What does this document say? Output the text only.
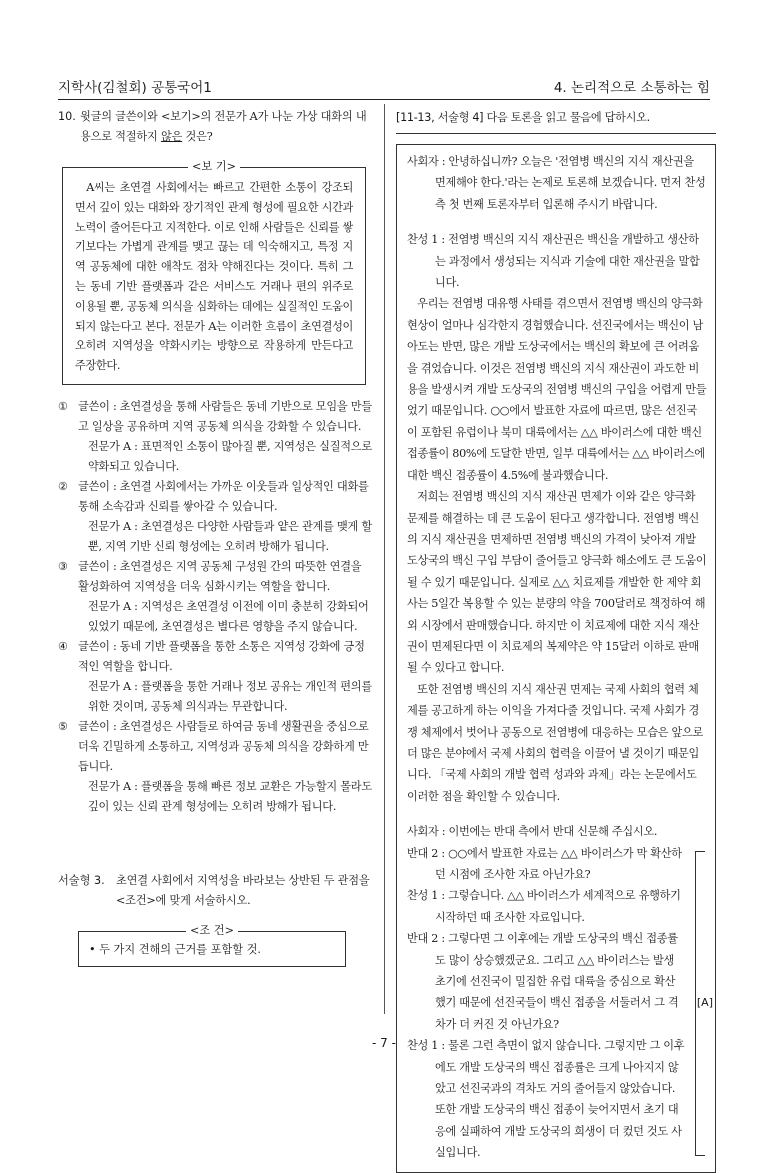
지학사(김철회) 공통국어1	4. 논리적으로 소통하는 힘
10. 윗글의 글쓴이와 <보기>의 전문가 A가 나눈 가상 대화의 내용으로 적절하지 않은 것은?
<보 기>
A씨는 초연결 사회에서는 빠르고 간편한 소통이 강조되면서 깊이 있는 대화와 장기적인 관계 형성에 필요한 시간과 노력이 줄어든다고 지적한다. 이로 인해 사람들은 신뢰를 쌓기보다는 가볍게 관계를 맺고 끊는 데 익숙해지고, 특정 지역 공동체에 대한 애착도 점차 약해진다는 것이다. 특히 그는 동네 기반 플랫폼과 같은 서비스도 거래나 편의 위주로 이용될 뿐, 공동체 의식을 심화하는 데에는 실질적인 도움이 되지 않는다고 본다. 전문가 A는 이러한 흐름이 초연결성이 오히려 지역성을 약화시키는 방향으로 작용하게 만든다고 주장한다.
① 글쓴이 : 초연결성을 통해 사람들은 동네 기반으로 모임을 만들고 일상을 공유하며 지역 공동체 의식을 강화할 수 있습니다.
전문가 A : 표면적인 소통이 많아질 뿐, 지역성은 실질적으로 약화되고 있습니다.
② 글쓴이 : 초연결 사회에서는 가까운 이웃들과 일상적인 대화를 통해 소속감과 신뢰를 쌓아갈 수 있습니다.
전문가 A : 초연결성은 다양한 사람들과 얕은 관계를 맺게 할 뿐, 지역 기반 신뢰 형성에는 오히려 방해가 됩니다.
③ 글쓴이 : 초연결성은 지역 공동체 구성원 간의 따뜻한 연결을 활성화하여 지역성을 더욱 심화시키는 역할을 합니다.
전문가 A : 지역성은 초연결성 이전에 이미 충분히 강화되어 있었기 때문에, 초연결성은 별다른 영향을 주지 않습니다.
④ 글쓴이 : 동네 기반 플랫폼을 통한 소통은 지역성 강화에 긍정적인 역할을 합니다.
전문가 A : 플랫폼을 통한 거래나 정보 공유는 개인적 편의를 위한 것이며, 공동체 의식과는 무관합니다.
⑤ 글쓴이 : 초연결성은 사람들로 하여금 동네 생활권을 중심으로 더욱 긴밀하게 소통하고, 지역성과 공동체 의식을 강화하게 만듭니다.
전문가 A : 플랫폼을 통해 빠른 정보 교환은 가능할지 몰라도 깊이 있는 신뢰 관계 형성에는 오히려 방해가 됩니다.
서술형 3.	초연결 사회에서 지역성을 바라보는 상반된 두 관점을 <조건>에 맞게 서술하시오.
<조 건>
• 두 가지 견해의 근거를 포함할 것.
[11-13, 서술형 4] 다음 토론을 읽고 물음에 답하시오.
사회자 : 안녕하십니까? 오늘은 '전염병 백신의 지식 재산권을 면제해야 한다.'라는 논제로 토론해 보겠습니다. 먼저 찬성 측 첫 번째 토론자부터 입론해 주시기 바랍니다.
찬성 1 : 전염병 백신의 지식 재산권은 백신을 개발하고 생산하는 과정에서 생성되는 지식과 기술에 대한 재산권을 말합니다.
우리는 전염병 대유행 사태를 겪으면서 전염병 백신의 양극화 현상이 얼마나 심각한지 경험했습니다. 선진국에서는 백신이 남아도는 반면, 많은 개발 도상국에서는 백신의 확보에 큰 어려움을 겪었습니다. 이것은 전염병 백신의 지식 재산권이 과도한 비용을 발생시켜 개발 도상국의 전염병 백신의 구입을 어렵게 만들었기 때문입니다. ○○에서 발표한 자료에 따르면, 많은 선진국이 포함된 유럽이나 북미 대륙에서는 △△ 바이러스에 대한 백신 접종률이 80%에 도달한 반면, 일부 대륙에서는 △△ 바이러스에 대한 백신 접종률이 4.5%에 불과했습니다.
저희는 전염병 백신의 지식 재산권 면제가 이와 같은 양극화 문제를 해결하는 데 큰 도움이 된다고 생각합니다. 전염병 백신의 지식 재산권을 면제하면 전염병 백신의 가격이 낮아져 개발 도상국의 백신 구입 부담이 줄어들고 양극화 해소에도 큰 도움이 될 수 있기 때문입니다. 실제로 △△ 치료제를 개발한 한 제약 회사는 5일간 복용할 수 있는 분량의 약을 700달러로 책정하여 해외 시장에서 판매했습니다. 하지만 이 치료제에 대한 지식 재산권이 면제된다면 이 치료제의 복제약은 약 15달러 이하로 판매될 수 있다고 합니다.
또한 전염병 백신의 지식 재산권 면제는 국제 사회의 협력 체제를 공고하게 하는 이익을 가져다줄 것입니다. 국제 사회가 경쟁 체제에서 벗어나 공동으로 전염병에 대응하는 모습은 앞으로 더 많은 분야에서 국제 사회의 협력을 이끌어 낼 것이기 때문입니다. 「국제 사회의 개발 협력 성과와 과제」라는 논문에서도 이러한 점을 확인할 수 있습니다.
사회자 : 이번에는 반대 측에서 반대 신문해 주십시오.
반대 2 : ○○에서 발표한 자료는 △△ 바이러스가 막 확산하던 시점에 조사한 자료 아닌가요?
찬성 1 : 그렇습니다. △△ 바이러스가 세계적으로 유행하기 시작하던 때 조사한 자료입니다.
반대 2 : 그렇다면 그 이후에는 개발 도상국의 백신 접종률도 많이 상승했겠군요. 그리고 △△ 바이러스는 발생 초기에 선진국이 밀집한 유럽 대륙을 중심으로 확산했기 때문에 선진국들이 백신 접종을 서둘러서 그 격차가 더 커진 것 아닌가요?
찬성 1 : 물론 그런 측면이 없지 않습니다. 그렇지만 그 이후에도 개발 도상국의 백신 접종률은 크게 나아지지 않았고 선진국과의 격차도 거의 줄어들지 않았습니다. 또한 개발 도상국의 백신 접종이 늦어지면서 초기 대응에 실패하여 개발 도상국의 희생이 더 컸던 것도 사실입니다.
[A]
- 7 -
